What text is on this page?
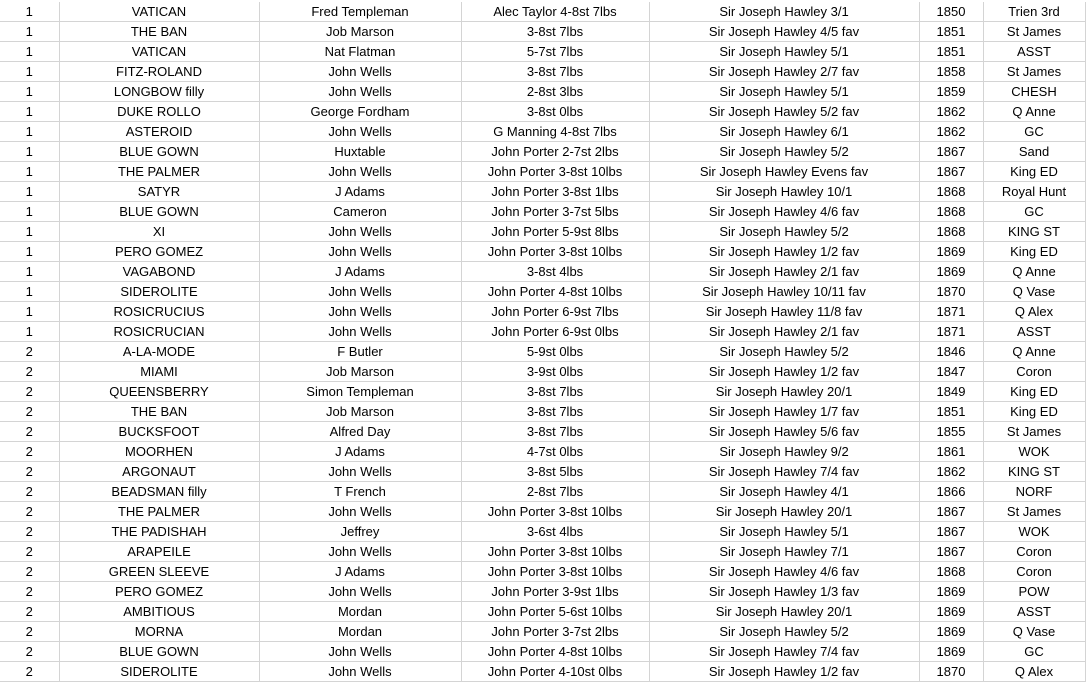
1	VATICAN	Fred Templeman	Alec Taylor 4-8st 7lbs	Sir Joseph Hawley 3/1	1850	Trien 3rd
1	THE BAN	Job Marson	3-8st 7lbs	Sir Joseph Hawley 4/5 fav	1851	St James
1	VATICAN	Nat Flatman	5-7st 7lbs	Sir Joseph Hawley 5/1	1851	ASST
1	FITZ-ROLAND	John Wells	3-8st 7lbs	Sir Joseph Hawley 2/7 fav	1858	St James
1	LONGBOW filly	John Wells	2-8st 3lbs	Sir Joseph Hawley 5/1	1859	CHESH
1	DUKE ROLLO	George Fordham	3-8st 0lbs	Sir Joseph Hawley 5/2 fav	1862	Q Anne
1	ASTEROID	John Wells	G Manning 4-8st 7lbs	Sir Joseph Hawley 6/1	1862	GC
1	BLUE GOWN	Huxtable	John Porter 2-7st 2lbs	Sir Joseph Hawley 5/2	1867	Sand
1	THE PALMER	John Wells	John Porter 3-8st 10lbs	Sir Joseph Hawley Evens fav	1867	King ED
1	SATYR	J Adams	John Porter 3-8st 1lbs	Sir Joseph Hawley 10/1	1868	Royal Hunt
1	BLUE GOWN	Cameron	John Porter 3-7st 5lbs	Sir Joseph Hawley 4/6 fav	1868	GC
1	XI	John Wells	John Porter 5-9st 8lbs	Sir Joseph Hawley 5/2	1868	KING ST
1	PERO GOMEZ	John Wells	John Porter 3-8st 10lbs	Sir Joseph Hawley 1/2 fav	1869	King ED
1	VAGABOND	J Adams	3-8st 4lbs	Sir Joseph Hawley 2/1 fav	1869	Q Anne
1	SIDEROLITE	John Wells	John Porter 4-8st 10lbs	Sir Joseph Hawley 10/11 fav	1870	Q Vase
1	ROSICRUCIUS	John Wells	John Porter 6-9st 7lbs	Sir Joseph Hawley 11/8 fav	1871	Q Alex
1	ROSICRUCIAN	John Wells	John Porter 6-9st 0lbs	Sir Joseph Hawley 2/1 fav	1871	ASST
2	A-LA-MODE	F Butler	5-9st 0lbs	Sir Joseph Hawley 5/2	1846	Q Anne
2	MIAMI	Job Marson	3-9st 0lbs	Sir Joseph Hawley 1/2 fav	1847	Coron
2	QUEENSBERRY	Simon Templeman	3-8st 7lbs	Sir Joseph Hawley 20/1	1849	King ED
2	THE BAN	Job Marson	3-8st 7lbs	Sir Joseph Hawley 1/7 fav	1851	King ED
2	BUCKSFOOT	Alfred Day	3-8st 7lbs	Sir Joseph Hawley 5/6 fav	1855	St James
2	MOORHEN	J Adams	4-7st 0lbs	Sir Joseph Hawley 9/2	1861	WOK
2	ARGONAUT	John Wells	3-8st 5lbs	Sir Joseph Hawley 7/4 fav	1862	KING ST
2	BEADSMAN filly	T French	2-8st 7lbs	Sir Joseph Hawley 4/1	1866	NORF
2	THE PALMER	John Wells	John Porter 3-8st 10lbs	Sir Joseph Hawley 20/1	1867	St James
2	THE PADISHAH	Jeffrey	3-6st 4lbs	Sir Joseph Hawley 5/1	1867	WOK
2	ARAPEILE	John Wells	John Porter 3-8st 10lbs	Sir Joseph Hawley 7/1	1867	Coron
2	GREEN SLEEVE	J Adams	John Porter 3-8st 10lbs	Sir Joseph Hawley 4/6 fav	1868	Coron
2	PERO GOMEZ	John Wells	John Porter 3-9st 1lbs	Sir Joseph Hawley 1/3 fav	1869	POW
2	AMBITIOUS	Mordan	John Porter 5-6st 10lbs	Sir Joseph Hawley 20/1	1869	ASST
2	MORNA	Mordan	John Porter 3-7st 2lbs	Sir Joseph Hawley 5/2	1869	Q Vase
2	BLUE GOWN	John Wells	John Porter 4-8st 10lbs	Sir Joseph Hawley 7/4 fav	1869	GC
2	SIDEROLITE	John Wells	John Porter 4-10st 0lbs	Sir Joseph Hawley 1/2 fav	1870	Q Alex
